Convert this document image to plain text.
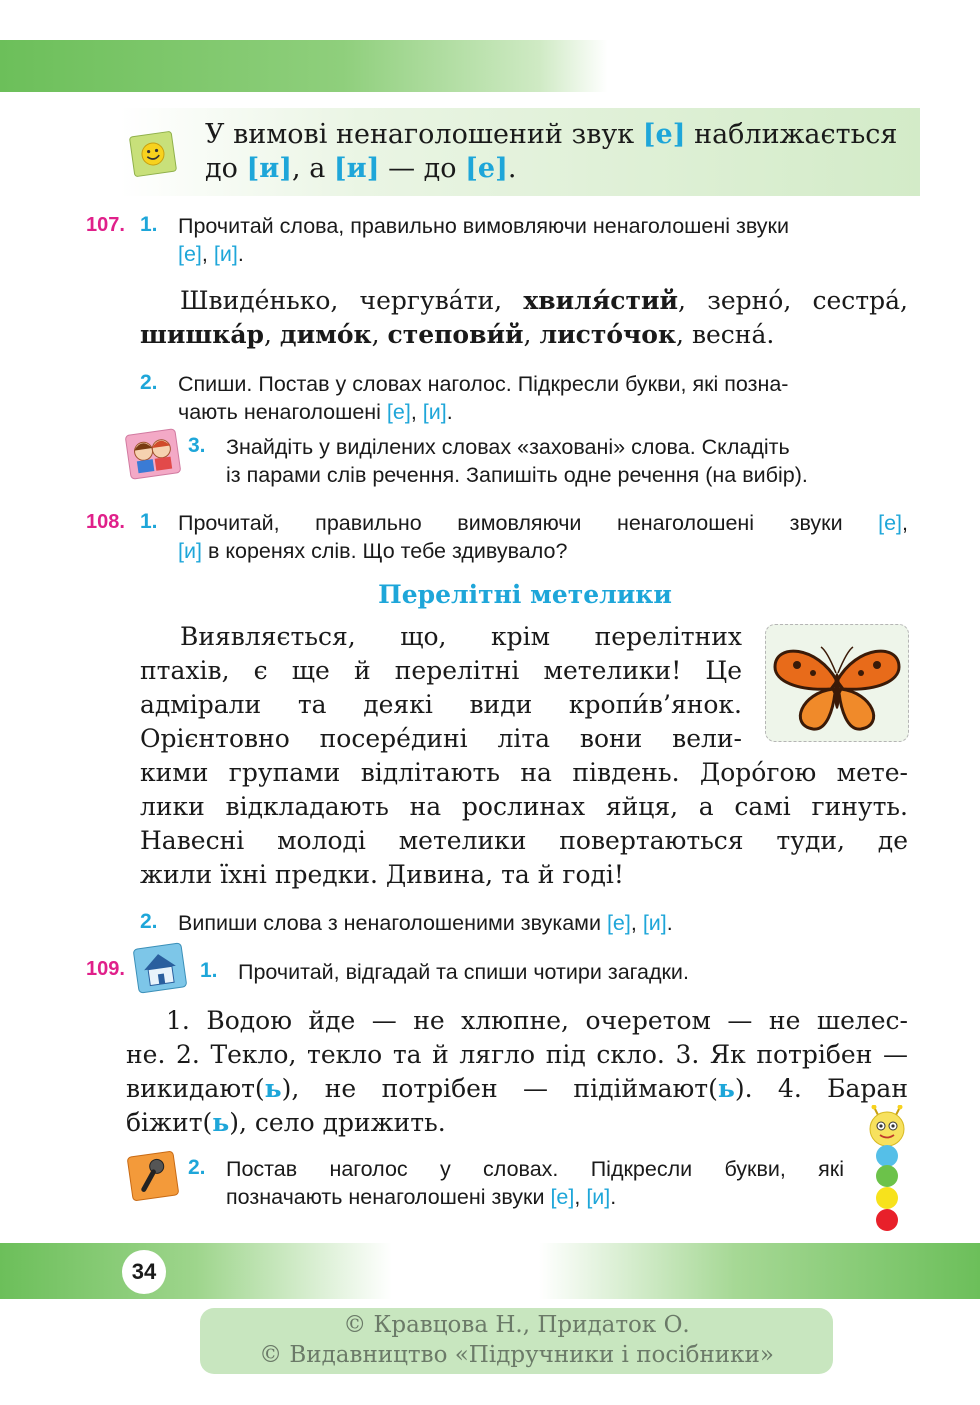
У вимові ненаголошений звук [е] наближається
до [и], а [и] — до [е].
107. 1. Прочитай слова, правильно вимовляючи ненаголошені звуки
[е], [и].
Швиде́нько, чергува́ти, хвиля́стий, зерно́, сестра́,
шишка́р, димо́к, степови́й, листо́чок, весна́.
2. Спиши. Постав у словах наголос. Підкресли букви, які позна-
чають ненаголошені [е], [и].
3. Знайдіть у виділених словах «заховані» слова. Складіть
із парами слів речення. Запишіть одне речення (на вибір).
108. 1. Прочитай, правильно вимовляючи ненаголошені звуки [е],
[и] в коренях слів. Що тебе здивувало?
Перелітні метелики
Виявляється, що, крім перелітних
птахів, є ще й перелітні метелики! Це
адмірали та деякі види кропи́в’янок.
Орієнтовно посере́дині літа вони вели-
кими групами відлітають на південь. Доро́гою мете-
лики відкладають на рослинах яйця, а самі гинуть.
Навесні молоді метелики повертаються туди, де
жили їхні предки. Дивина, та й годі!
2. Випиши слова з ненаголошеними звуками [е], [и].
109.	1. Прочитай, відгадай та спиши чотири загадки.
1. Водою йде — не хлюпне, очеретом — не шелес-
не. 2. Текло, текло та й лягло під скло. 3. Як потрібен —
викидают(ь), не потрібен — підіймают(ь). 4. Баран
біжит(ь), село дрижить.
2. Постав наголос у словах. Підкресли букви, які
позначають ненаголошені звуки [е], [и].
34
© Кравцова Н., Придаток О.
© Видавництво «Підручники і посібники»
